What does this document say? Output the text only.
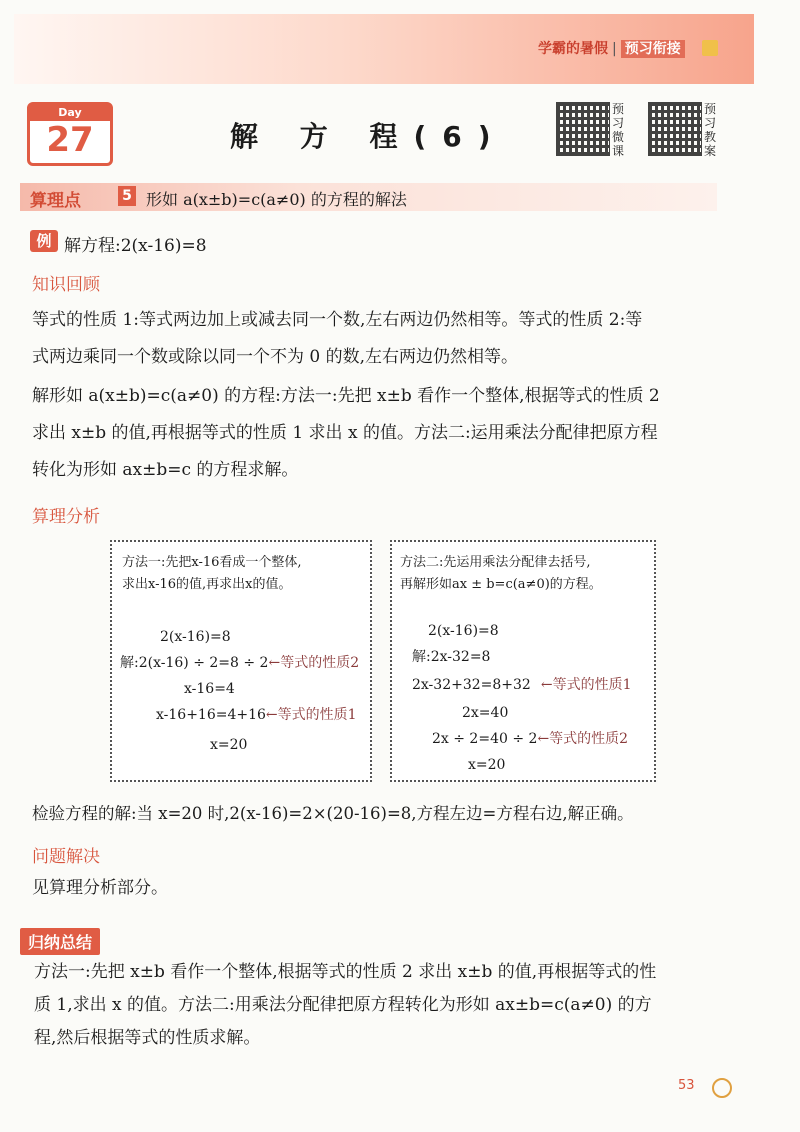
学霸的暑假 | 预习衔接
Day
27	解 方 程(6)
预习微课
预习教案
算理点	5 形如 a(x±b)=c(a≠0) 的方程的解法
例 解方程:2(x-16)=8
知识回顾
等式的性质 1:等式两边加上或减去同一个数,左右两边仍然相等。等式的性质 2:等
式两边乘同一个数或除以同一个不为 0 的数,左右两边仍然相等。
解形如 a(x±b)=c(a≠0) 的方程:方法一:先把 x±b 看作一个整体,根据等式的性质 2
求出 x±b 的值,再根据等式的性质 1 求出 x 的值。方法二:运用乘法分配律把原方程
转化为形如 ax±b=c 的方程求解。
算理分析
方法一:先把x-16看成一个整体,
求出x-16的值,再求出x的值。
2(x-16)=8
解:2(x-16) ÷ 2=8 ÷ 2←等式的性质2
x-16=4
x-16+16=4+16←等式的性质1
x=20
方法二:先运用乘法分配律去括号,
再解形如ax ± b=c(a≠0)的方程。
2(x-16)=8
解:2x-32=8
2x-32+32=8+32 ←等式的性质1
2x=40
2x ÷ 2=40 ÷ 2←等式的性质2
x=20
检验方程的解:当 x=20 时,2(x-16)=2×(20-16)=8,方程左边=方程右边,解正确。
问题解决
见算理分析部分。
归纳总结
方法一:先把 x±b 看作一个整体,根据等式的性质 2 求出 x±b 的值,再根据等式的性
质 1,求出 x 的值。方法二:用乘法分配律把原方程转化为形如 ax±b=c(a≠0) 的方
程,然后根据等式的性质求解。
53
